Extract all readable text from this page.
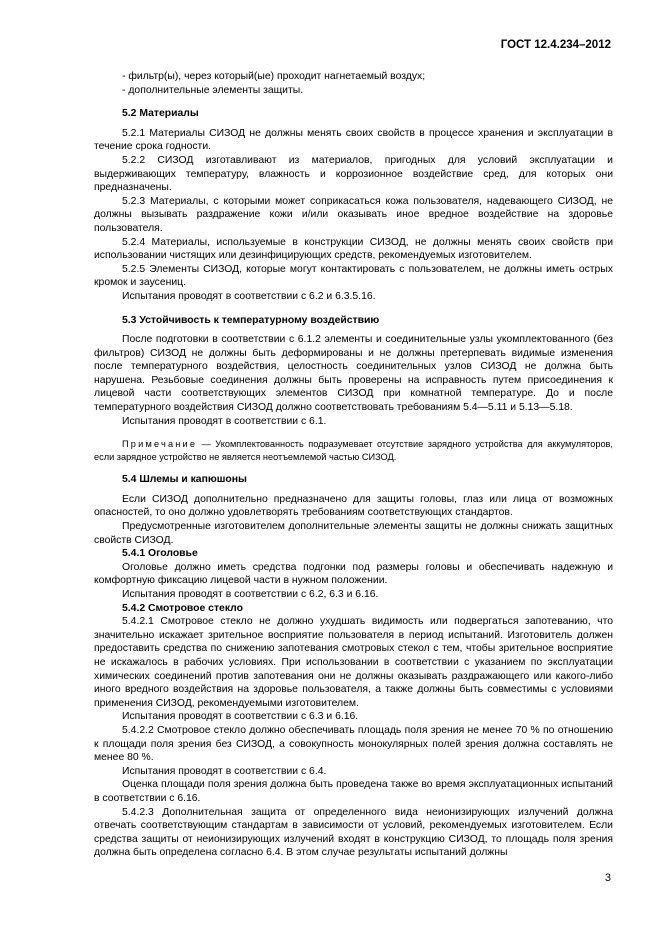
ГОСТ 12.4.234–2012

- фильтр(ы), через который(ые) проходит нагнетаемый воздух;

- дополнительные элементы защиты.

5.2 Материалы

5.2.1 Материалы СИЗОД не должны менять своих свойств в процессе хранения и эксплуатации в течение срока годности.

5.2.2 СИЗОД изготавливают из материалов, пригодных для условий эксплуатации и выдерживающих температуру, влажность и коррозионное воздействие сред, для которых они предназначены.

5.2.3 Материалы, с которыми может соприкасаться кожа пользователя, надевающего СИЗОД, не должны вызывать раздражение кожи и/или оказывать иное вредное воздействие на здоровье пользователя.

5.2.4 Материалы, используемые в конструкции СИЗОД, не должны менять своих свойств при использовании чистящих или дезинфицирующих средств, рекомендуемых изготовителем.

5.2.5 Элементы СИЗОД, которые могут контактировать с пользователем, не должны иметь острых кромок и заусениц.

Испытания проводят в соответствии с 6.2 и 6.3.5.16.

5.3 Устойчивость к температурному воздействию

После подготовки в соответствии с 6.1.2 элементы и соединительные узлы укомплектованного (без фильтров) СИЗОД не должны быть деформированы и не должны претерпевать видимые изменения после температурного воздействия, целостность соединительных узлов СИЗОД не должна быть нарушена. Резьбовые соединения должны быть проверены на исправность путем присоединения к лицевой части соответствующих элементов СИЗОД при комнатной температуре. До и после температурного воздействия СИЗОД должно соответствовать требованиям 5.4—5.11 и 5.13—5.18.

Испытания проводят в соответствии с 6.1.

Примечание — Укомплектованность подразумевает отсутствие зарядного устройства для аккумуляторов, если зарядное устройство не является неотъемлемой частью СИЗОД.

5.4 Шлемы и капюшоны

Если СИЗОД дополнительно предназначено для защиты головы, глаз или лица от возможных опасностей, то оно должно удовлетворять требованиям соответствующих стандартов.

Предусмотренные изготовителем дополнительные элементы защиты не должны снижать защитных свойств СИЗОД.

5.4.1 Оголовье

Оголовье должно иметь средства подгонки под размеры головы и обеспечивать надежную и комфортную фиксацию лицевой части в нужном положении.

Испытания проводят в соответствии с 6.2, 6.3 и 6.16.

5.4.2 Смотровое стекло

5.4.2.1 Смотровое стекло не должно ухудшать видимость или подвергаться запотеванию, что значительно искажает зрительное восприятие пользователя в период испытаний. Изготовитель должен предоставить средства по снижению запотевания смотровых стекол с тем, чтобы зрительное восприятие не искажалось в рабочих условиях. При использовании в соответствии с указанием по эксплуатации химических соединений против запотевания они не должны оказывать раздражающего или какого-либо иного вредного воздействия на здоровье пользователя, а также должны быть совместимы с условиями применения СИЗОД, рекомендуемыми изготовителем.

Испытания проводят в соответствии с 6.3 и 6.16.

5.4.2.2 Смотровое стекло должно обеспечивать площадь поля зрения не менее 70 % по отношению к площади поля зрения без СИЗОД, а совокупность монокулярных полей зрения должна составлять не менее 80 %.

Испытания проводят в соответствии с 6.4.

Оценка площади поля зрения должна быть проведена также во время эксплуатационных испытаний в соответствии с 6.16.

5.4.2.3 Дополнительная защита от определенного вида неионизирующих излучений должна отвечать соответствующим стандартам в зависимости от условий, рекомендуемых изготовителем. Если средства защиты от неионизирующих излучений входят в конструкцию СИЗОД, то площадь поля зрения должна быть определена согласно 6.4. В этом случае результаты испытаний должны

3
